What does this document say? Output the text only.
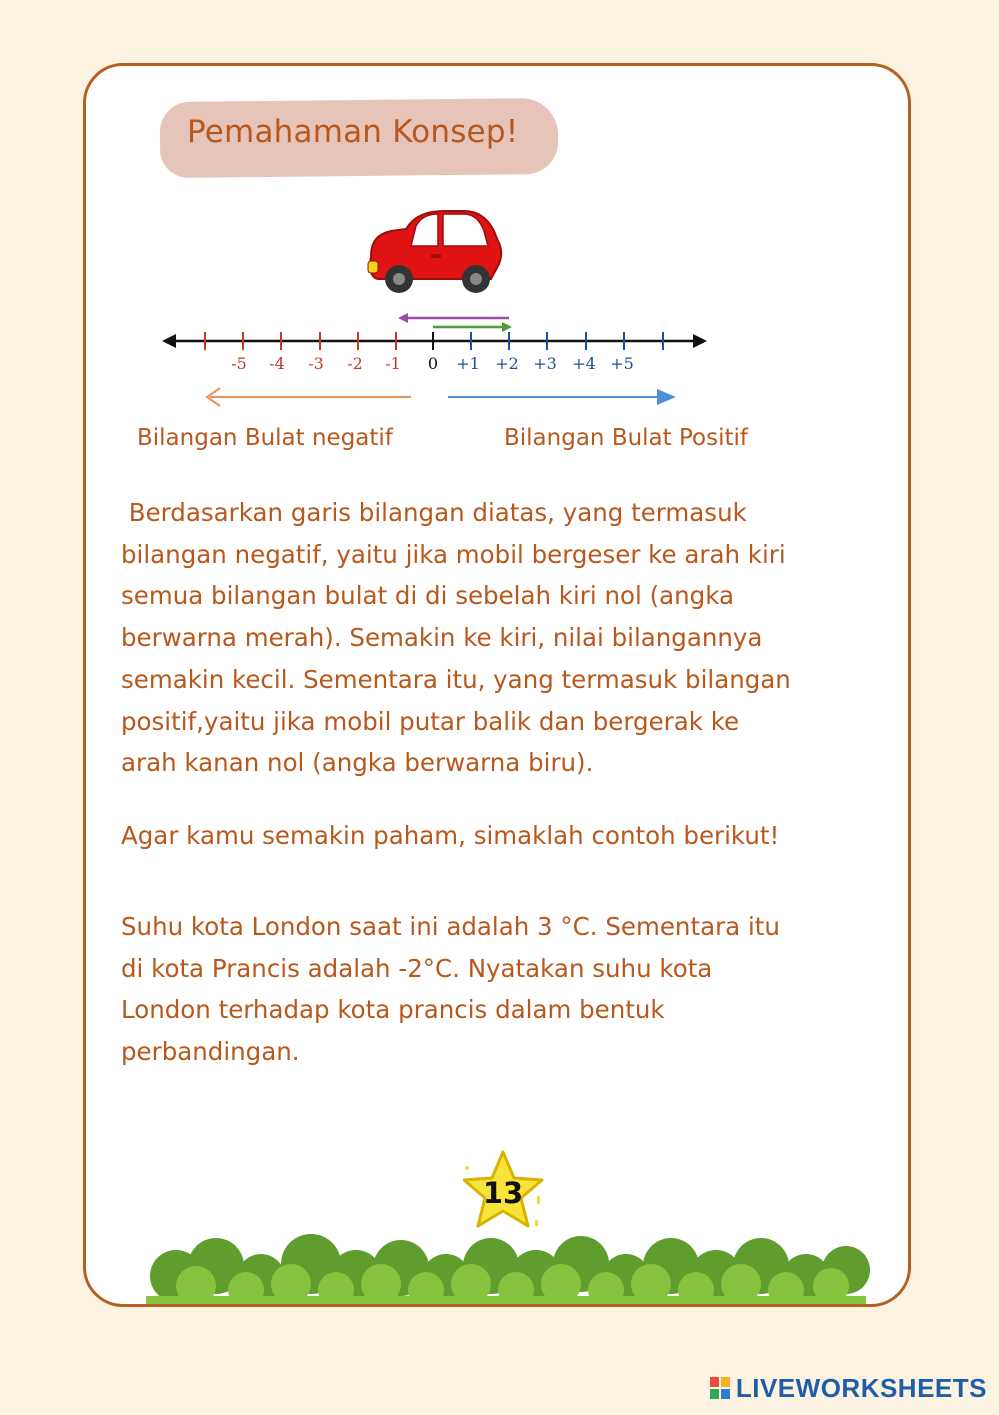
Pemahaman Konsep!
-5 -4 -3 -2 -1 0 +1 +2 +3 +4 +5
Bilangan Bulat negatif	Bilangan Bulat Positif
Berdasarkan garis bilangan diatas, yang termasuk
bilangan negatif, yaitu jika mobil bergeser ke arah kiri
semua bilangan bulat di di sebelah kiri nol (angka
berwarna merah). Semakin ke kiri, nilai bilangannya
semakin kecil. Sementara itu, yang termasuk bilangan
positif,yaitu jika mobil putar balik dan bergerak ke
arah kanan nol (angka berwarna biru).
Agar kamu semakin paham, simaklah contoh berikut!
Suhu kota London saat ini adalah 3 °C. Sementara itu
di kota Prancis adalah -2°C. Nyatakan suhu kota
London terhadap kota prancis dalam bentuk
perbandingan.
13
LIVEWORKSHEETS
